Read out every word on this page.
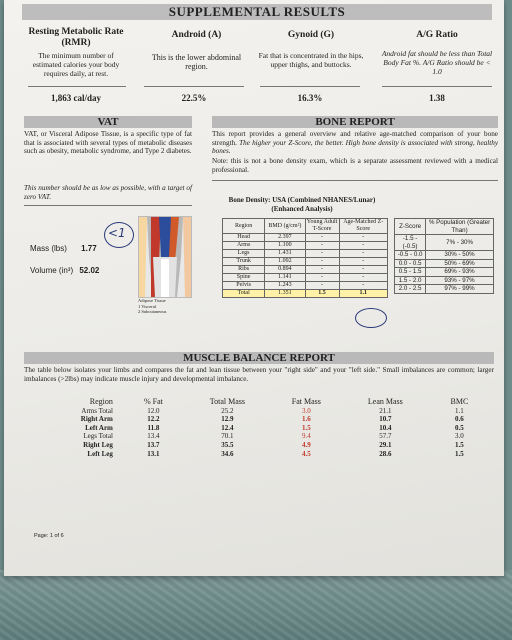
SUPPLEMENTAL RESULTS
Resting Metabolic Rate (RMR)
The minimum number of estimated calories your body requires daily, at rest.
Android (A)
This is the lower abdominal region.
Gynoid (G)
Fat that is concentrated in the hips, upper thighs, and buttocks.
A/G Ratio
Android fat should be less than Total Body Fat %. A/G Ratio should be < 1.0
1,863 cal/day	22.5%	16.3%	1.38
VAT
VAT, or Visceral Adipose Tissue, is a specific type of fat that is associated with several types of metabolic diseases such as obesity, metabolic syndrome, and Type 2 diabetes.
This number should be as low as possible, with a target of zero VAT.
Mass (lbs) 1.77
Volume (in³) 52.02
<1
Adipose Tissue
1 Visceral
2 Subcutaneous
BONE REPORT
This report provides a general overview and relative age-matched comparison of your bone strength. The higher your Z-Score, the better. High bone density is associated with strong, healthy bones.
Note: this is not a bone density exam, which is a separate assessment reviewed with a medical professional.
Bone Density: USA (Combined NHANES/Lunar) (Enhanced Analysis)
Region	BMD (g/cm²)	Young Adult T-Score	Age-Matched Z-Score
Head	2.397	-	-
Arms	1.100	-	-
Legs	1.431	-	-
Trunk	1.092	-	-
Ribs	0.894	-	-
Spine	1.141	-	-
Pelvis	1.243	-	-
Total	1.351	1.5	1.1
Z-Score	% Population (Greater Than)
-1.5 - (-0.5)	7% - 30%
-0.5 - 0.0	30% - 50%
0.0 - 0.5	50% - 69%
0.5 - 1.5	69% - 93%
1.5 - 2.0	93% - 97%
2.0 - 2.5	97% - 99%
MUSCLE BALANCE REPORT
The table below isolates your limbs and compares the fat and lean tissue between your "right side" and your "left side." Small imbalances are common; larger imbalances (>2lbs) may indicate muscle injury and developmental imbalance.
Region	% Fat	Total Mass	Fat Mass	Lean Mass	BMC
Arms Total	12.0	25.2	3.0	21.1	1.1
Right Arm	12.2	12.9	1.6	10.7	0.6
Left Arm	11.8	12.4	1.5	10.4	0.5
Legs Total	13.4	70.1	9.4	57.7	3.0
Right Leg	13.7	35.5	4.9	29.1	1.5
Left Leg	13.1	34.6	4.5	28.6	1.5
Page: 1 of 6
